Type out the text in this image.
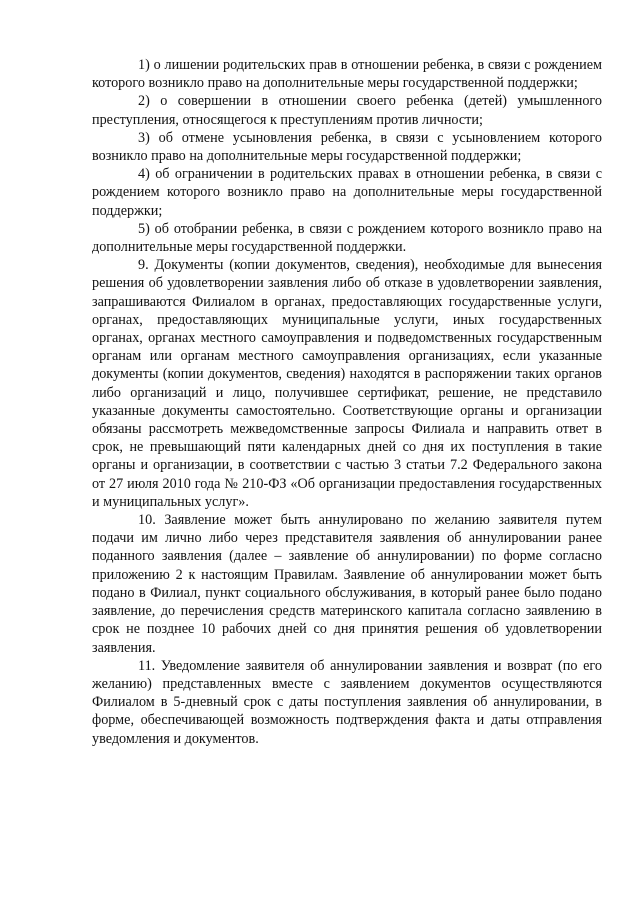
1) о лишении родительских прав в отношении ребенка, в связи с рождением которого возникло право на дополнительные меры государственной поддержки;

2) о совершении в отношении своего ребенка (детей) умышленного преступления, относящегося к преступлениям против личности;

3) об отмене усыновления ребенка, в связи с усыновлением которого возникло право на дополнительные меры государственной поддержки;

4) об ограничении в родительских правах в отношении ребенка, в связи с рождением которого возникло право на дополнительные меры государственной поддержки;

5) об отобрании ребенка, в связи с рождением которого возникло право на дополнительные меры государственной поддержки.

9. Документы (копии документов, сведения), необходимые для вынесения решения об удовлетворении заявления либо об отказе в удовлетворении заявления, запрашиваются Филиалом в органах, предоставляющих государственные услуги, органах, предоставляющих муниципальные услуги, иных государственных органах, органах местного самоуправления и подведомственных государственным органам или органам местного самоуправления организациях, если указанные документы (копии документов, сведения) находятся в распоряжении таких органов либо организаций и лицо, получившее сертификат, решение, не представило указанные документы самостоятельно. Соответствующие органы и организации обязаны рассмотреть межведомственные запросы Филиала и направить ответ в срок, не превышающий пяти календарных дней со дня их поступления в такие органы и организации, в соответствии с частью 3 статьи 7.2 Федерального закона от 27 июля 2010 года № 210-ФЗ «Об организации предоставления государственных и муниципальных услуг».

10. Заявление может быть аннулировано по желанию заявителя путем подачи им лично либо через представителя заявления об аннулировании ранее поданного заявления (далее – заявление об аннулировании) по форме согласно приложению 2 к настоящим Правилам. Заявление об аннулировании может быть подано в Филиал, пункт социального обслуживания, в который ранее было подано заявление, до перечисления средств материнского капитала согласно заявлению в срок не позднее 10 рабочих дней со дня принятия решения об удовлетворении заявления.

11. Уведомление заявителя об аннулировании заявления и возврат (по его желанию) представленных вместе с заявлением документов осуществляются Филиалом в 5-дневный срок с даты поступления заявления об аннулировании, в форме, обеспечивающей возможность подтверждения факта и даты отправления уведомления и документов.
